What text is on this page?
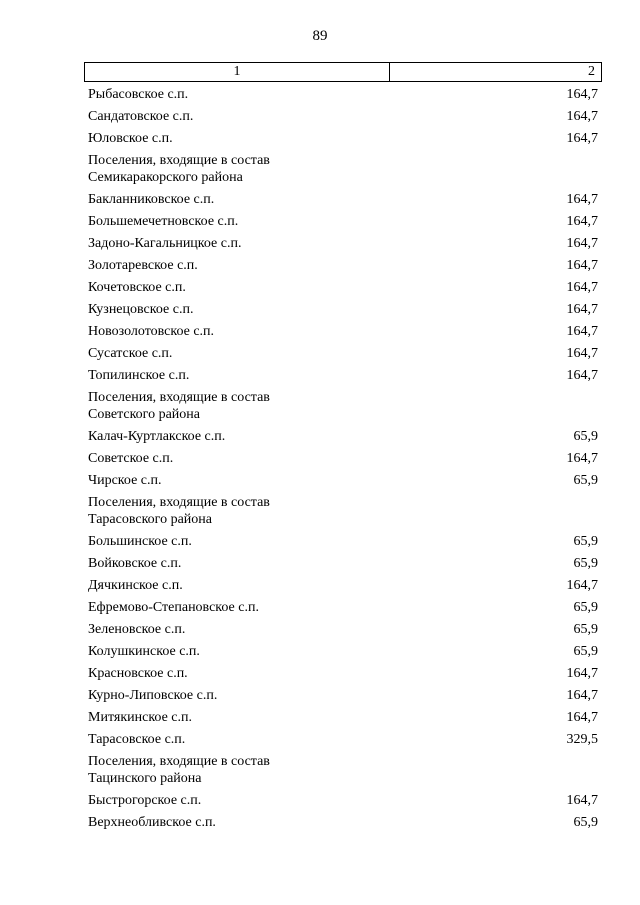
89
1	2
Рыбасовское с.п.	164,7
Сандатовское с.п.	164,7
Юловское с.п.	164,7
Поселения, входящие в состав
Семикаракорского района
Бакланниковское с.п.	164,7
Большемечетновское с.п.	164,7
Задоно-Кагальницкое с.п.	164,7
Золотаревское с.п.	164,7
Кочетовское с.п.	164,7
Кузнецовское с.п.	164,7
Новозолотовское с.п.	164,7
Сусатское с.п.	164,7
Топилинское с.п.	164,7
Поселения, входящие в состав
Советского района
Калач-Куртлакское с.п.	65,9
Советское с.п.	164,7
Чирское с.п.	65,9
Поселения, входящие в состав
Тарасовского района
Большинское с.п.	65,9
Войковское с.п.	65,9
Дячкинское с.п.	164,7
Ефремово-Степановское с.п.	65,9
Зеленовское с.п.	65,9
Колушкинское с.п.	65,9
Красновское с.п.	164,7
Курно-Липовское с.п.	164,7
Митякинское с.п.	164,7
Тарасовское с.п.	329,5
Поселения, входящие в состав
Тацинского района
Быстрогорское с.п.	164,7
Верхнеобливское с.п.	65,9
